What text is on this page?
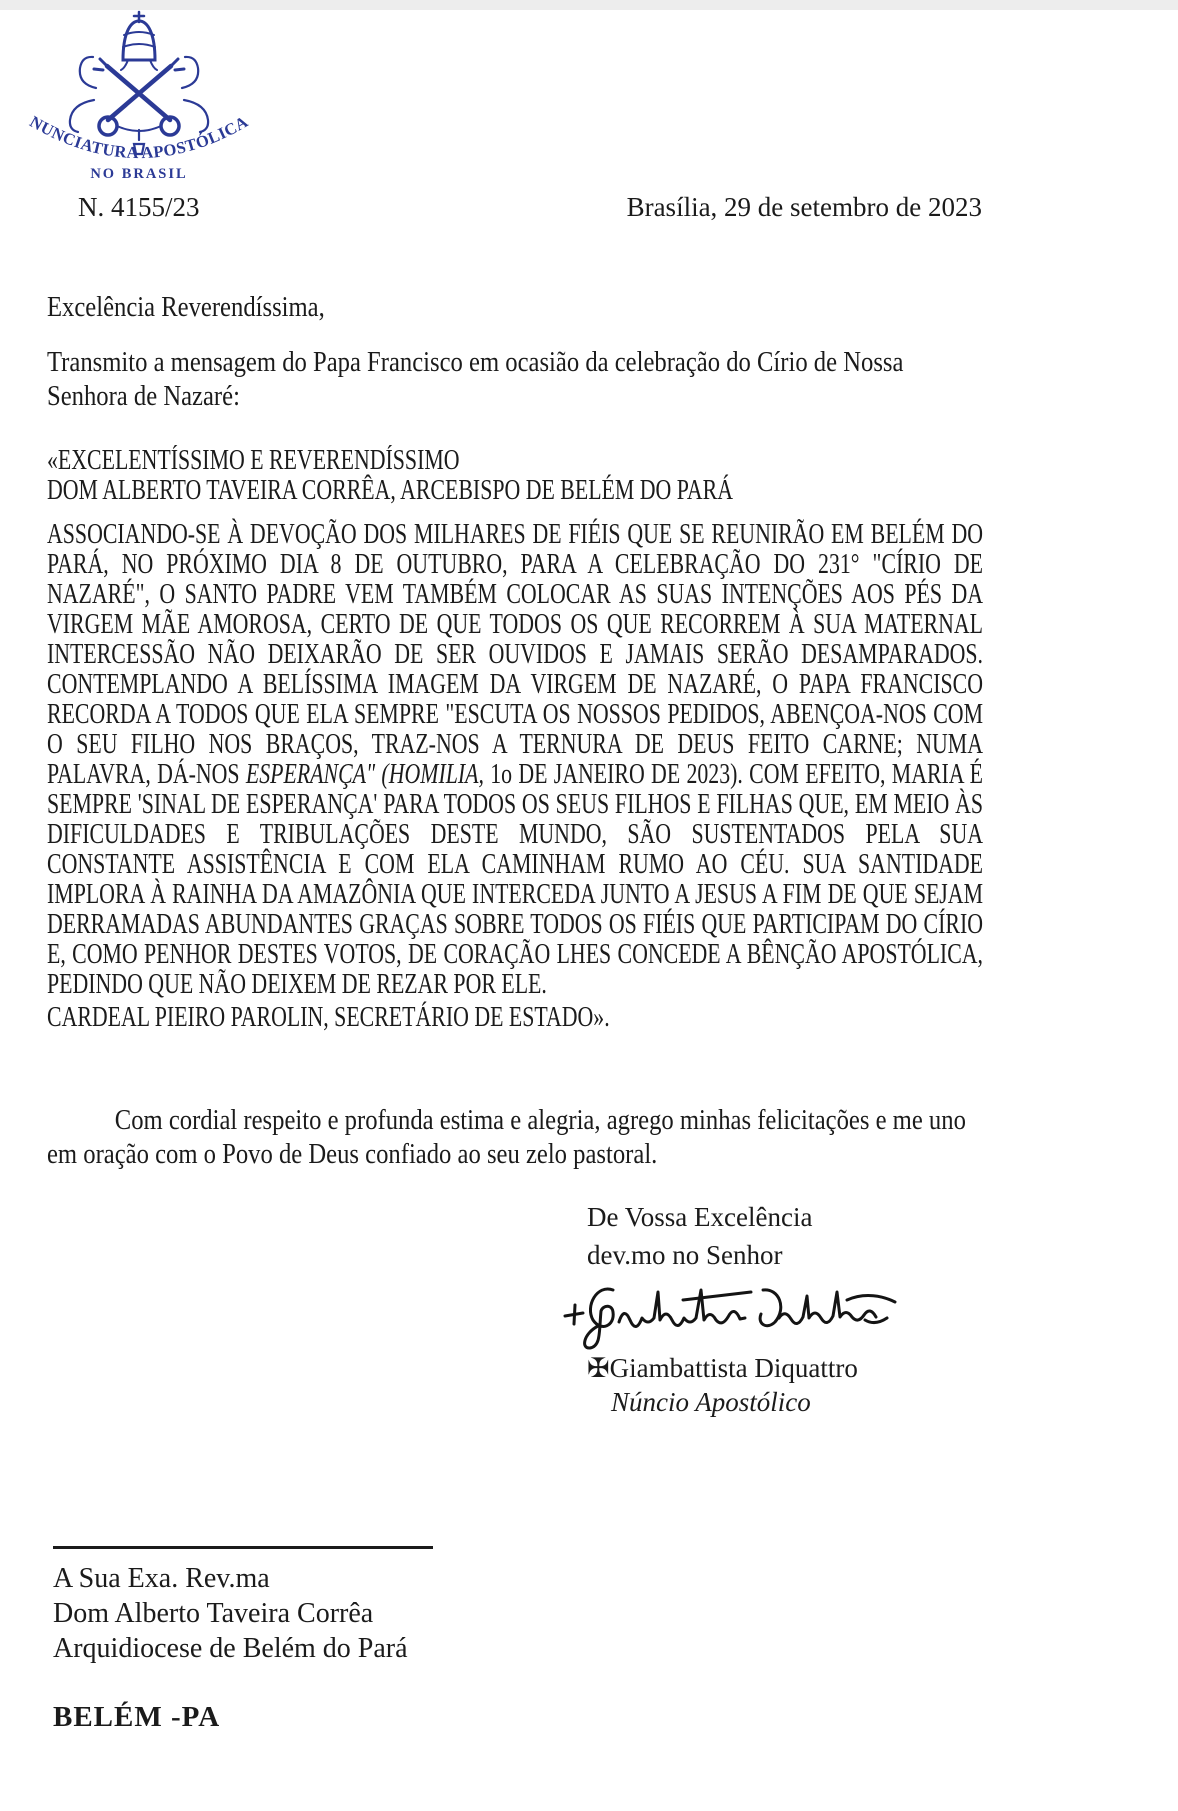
NUNCIATURA APOSTÓLICA
NO BRASIL
N. 4155/23	Brasília, 29 de setembro de 2023
Excelência Reverendíssima,
Transmito a mensagem do Papa Francisco em ocasião da celebração do Círio de Nossa Senhora de Nazaré:
«EXCELENTÍSSIMO E REVERENDÍSSIMO
DOM ALBERTO TAVEIRA CORRÊA, ARCEBISPO DE BELÉM DO PARÁ
ASSOCIANDO-SE À DEVOÇÃO DOS MILHARES DE FIÉIS QUE SE REUNIRÃO EM BELÉM DO PARÁ, NO PRÓXIMO DIA 8 DE OUTUBRO, PARA A CELEBRAÇÃO DO 231° "CÍRIO DE NAZARÉ", O SANTO PADRE VEM TAMBÉM COLOCAR AS SUAS INTENÇÕES AOS PÉS DA VIRGEM MÃE AMOROSA, CERTO DE QUE TODOS OS QUE RECORREM À SUA MATERNAL INTERCESSÃO NÃO DEIXARÃO DE SER OUVIDOS E JAMAIS SERÃO DESAMPARADOS. CONTEMPLANDO A BELÍSSIMA IMAGEM DA VIRGEM DE NAZARÉ, O PAPA FRANCISCO RECORDA A TODOS QUE ELA SEMPRE "ESCUTA OS NOSSOS PEDIDOS, ABENÇOA-NOS COM O SEU FILHO NOS BRAÇOS, TRAZ-NOS A TERNURA DE DEUS FEITO CARNE; NUMA PALAVRA, DÁ-NOS ESPERANÇA" (HOMILIA, 1o DE JANEIRO DE 2023). COM EFEITO, MARIA É SEMPRE 'SINAL DE ESPERANÇA' PARA TODOS OS SEUS FILHOS E FILHAS QUE, EM MEIO ÀS DIFICULDADES E TRIBULAÇÕES DESTE MUNDO, SÃO SUSTENTADOS PELA SUA CONSTANTE ASSISTÊNCIA E COM ELA CAMINHAM RUMO AO CÉU. SUA SANTIDADE IMPLORA À RAINHA DA AMAZÔNIA QUE INTERCEDA JUNTO A JESUS A FIM DE QUE SEJAM DERRAMADAS ABUNDANTES GRAÇAS SOBRE TODOS OS FIÉIS QUE PARTICIPAM DO CÍRIO E, COMO PENHOR DESTES VOTOS, DE CORAÇÃO LHES CONCEDE A BÊNÇÃO APOSTÓLICA, PEDINDO QUE NÃO DEIXEM DE REZAR POR ELE.
CARDEAL PIEIRO PAROLIN, SECRETÁRIO DE ESTADO».
Com cordial respeito e profunda estima e alegria, agrego minhas felicitações e me uno em oração com o Povo de Deus confiado ao seu zelo pastoral.
De Vossa Excelência
dev.mo no Senhor
✠Giambattista Diquattro
Núncio Apostólico
A Sua Exa. Rev.ma
Dom Alberto Taveira Corrêa
Arquidiocese de Belém do Pará
BELÉM -PA
